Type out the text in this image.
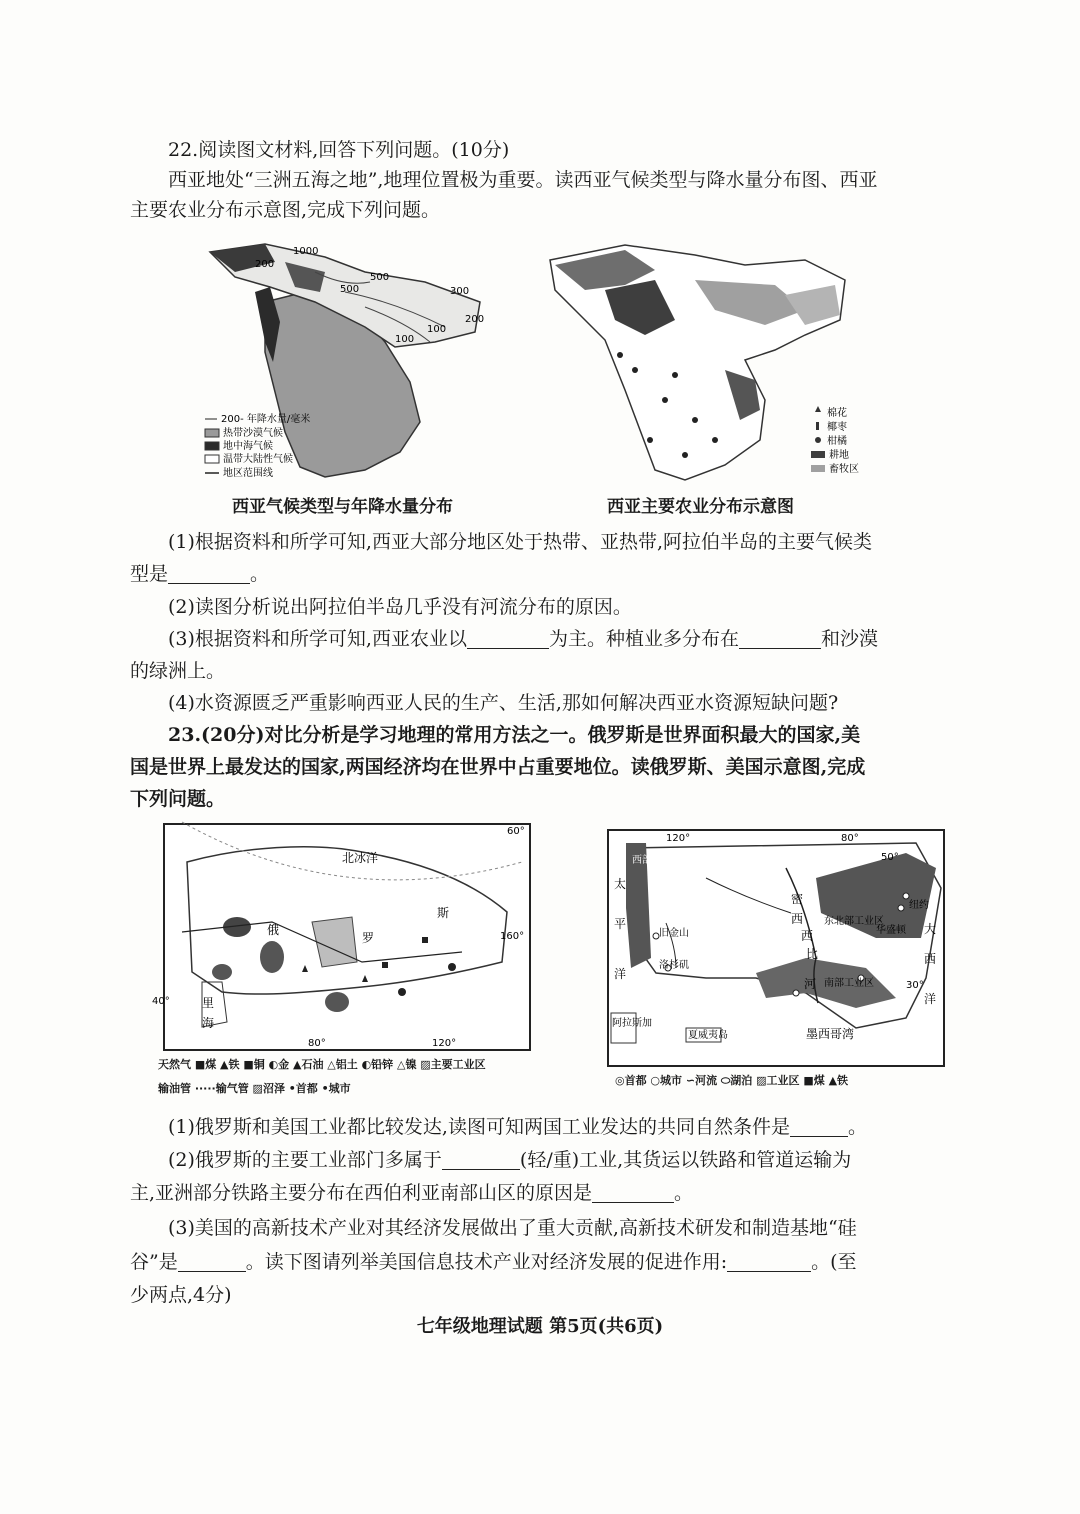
22.阅读图文材料,回答下列问题。(10分)
西亚地处“三洲五海之地”,地理位置极为重要。读西亚气候类型与降水量分布图、西亚
主要农业分布示意图,完成下列问题。
1000
200
500
500
100
300
100
200
200- 年降水量/毫米
热带沙漠气候
地中海气候
温带大陆性气候
地区范围线
西亚气候类型与年降水量分布
棉花
椰枣
柑橘
耕地
畜牧区
西亚主要农业分布示意图
(1)根据资料和所学可知,西亚大部分地区处于热带、亚热带,阿拉伯半岛的主要气候类
型是	。
(2)读图分析说出阿拉伯半岛几乎没有河流分布的原因。
(3)根据资料和所学可知,西亚农业以	为主。种植业多分布在	和沙漠
的绿洲上。
(4)水资源匮乏严重影响西亚人民的生产、生活,那如何解决西亚水资源短缺问题?
23.(20分)对比分析是学习地理的常用方法之一。俄罗斯是世界面积最大的国家,美
国是世界上最发达的国家,两国经济均在世界中占重要地位。读俄罗斯、美国示意图,完成
下列问题。
北冰洋
俄
罗
斯
里
海
60°
160°
40°
80°	120°
天然气 ■煤 ▲铁 ■铜 ◐金 ▲石油 △铝土 ◐铅锌 △镍 ▨主要工业区
输油管 ·····输气管 ▨沼泽 •首都 •城市
120°	80°
50°
太
平
洋
西部工业区
旧金山
洛杉矶
密
西
西
比
河
东北部工业区
纽约
华盛顿
南部工业区
大
西
洋
30°
墨西哥湾
阿拉斯加
夏威夷岛
◎首都 ○城市 ∽河流 ⬭湖泊 ▨工业区 ■煤 ▲铁
(1)俄罗斯和美国工业都比较发达,读图可知两国工业发达的共同自然条件是	。
(2)俄罗斯的主要工业部门多属于	(轻/重)工业,其货运以铁路和管道运输为
主,亚洲部分铁路主要分布在西伯利亚南部山区的原因是	。
(3)美国的高新技术产业对其经济发展做出了重大贡献,高新技术研发和制造基地“硅
谷”是	。读下图请列举美国信息技术产业对经济发展的促进作用:	。(至
少两点,4分)
七年级地理试题 第5页(共6页)
